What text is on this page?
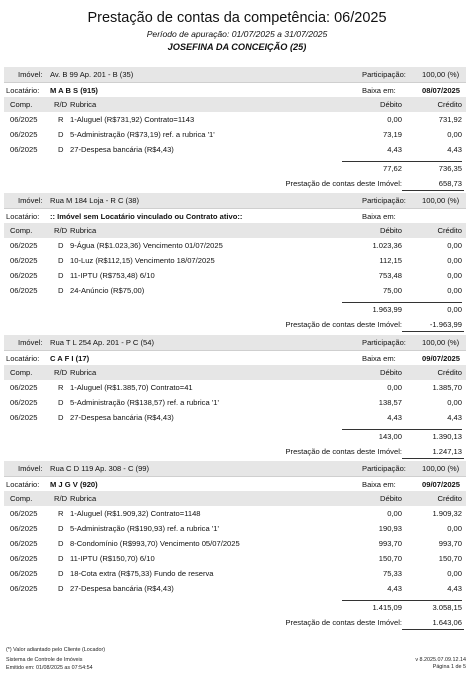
Prestação de contas da competência: 06/2025
Período de apuração: 01/07/2025 a 31/07/2025
JOSEFINA DA CONCEIÇÃO (25)
Imóvel: Av. B 99 Ap. 201 - B (35)	Participação: 100,00 (%)
Locatário: M A B S (915)	Baixa em:	08/07/2025
Comp.	R/D Rubrica	Débito	Crédito
06/2025	R 1-Aluguel (R$731,92) Contrato=1143	0,00	731,92
06/2025	D 5-Administração (R$73,19) ref. a rubrica '1'	73,19	0,00
06/2025	D 27-Despesa bancária (R$4,43)	4,43	4,43
77,62	736,35
Prestação de contas deste Imóvel:	658,73
Imóvel: Rua M 184 Loja - R C (38)	Participação: 100,00 (%)
Locatário: :: Imóvel sem Locatário vinculado ou Contrato ativo::	Baixa em:
Comp.	R/D Rubrica	Débito	Crédito
06/2025	D 9-Água (R$1.023,36) Vencimento 01/07/2025	1.023,36	0,00
06/2025	D 10-Luz (R$112,15) Vencimento 18/07/2025	112,15	0,00
06/2025	D 11-IPTU (R$753,48) 6/10	753,48	0,00
06/2025	D 24-Anúncio (R$75,00)	75,00	0,00
1.963,99	0,00
Prestação de contas deste Imóvel:	-1.963,99
Imóvel: Rua T L 254 Ap. 201 - P C (54)	Participação: 100,00 (%)
Locatário: C A F I (17)	Baixa em:	09/07/2025
Comp.	R/D Rubrica	Débito	Crédito
06/2025	R 1-Aluguel (R$1.385,70) Contrato=41	0,00	1.385,70
06/2025	D 5-Administração (R$138,57) ref. a rubrica '1'	138,57	0,00
06/2025	D 27-Despesa bancária (R$4,43)	4,43	4,43
143,00	1.390,13
Prestação de contas deste Imóvel:	1.247,13
Imóvel: Rua C D 119 Ap. 308 - C (99)	Participação: 100,00 (%)
Locatário: M J G V (920)	Baixa em:	09/07/2025
Comp.	R/D Rubrica	Débito	Crédito
06/2025	R 1-Aluguel (R$1.909,32) Contrato=1148	0,00	1.909,32
06/2025	D 5-Administração (R$190,93) ref. a rubrica '1'	190,93	0,00
06/2025	D 8-Condomínio (R$993,70) Vencimento 05/07/2025	993,70	993,70
06/2025	D 11-IPTU (R$150,70) 6/10	150,70	150,70
06/2025	D 18-Cota extra (R$75,33) Fundo de reserva	75,33	0,00
06/2025	D 27-Despesa bancária (R$4,43)	4,43	4,43
1.415,09	3.058,15
Prestação de contas deste Imóvel:	1.643,06
(*) Valor adiantado pelo Cliente (Locador)
Sistema de Controle de Imóveis
Emitido em: 01/08/2025 as 07:54:54
v 8.2025.07.09.12.14
Página 1 de 5
